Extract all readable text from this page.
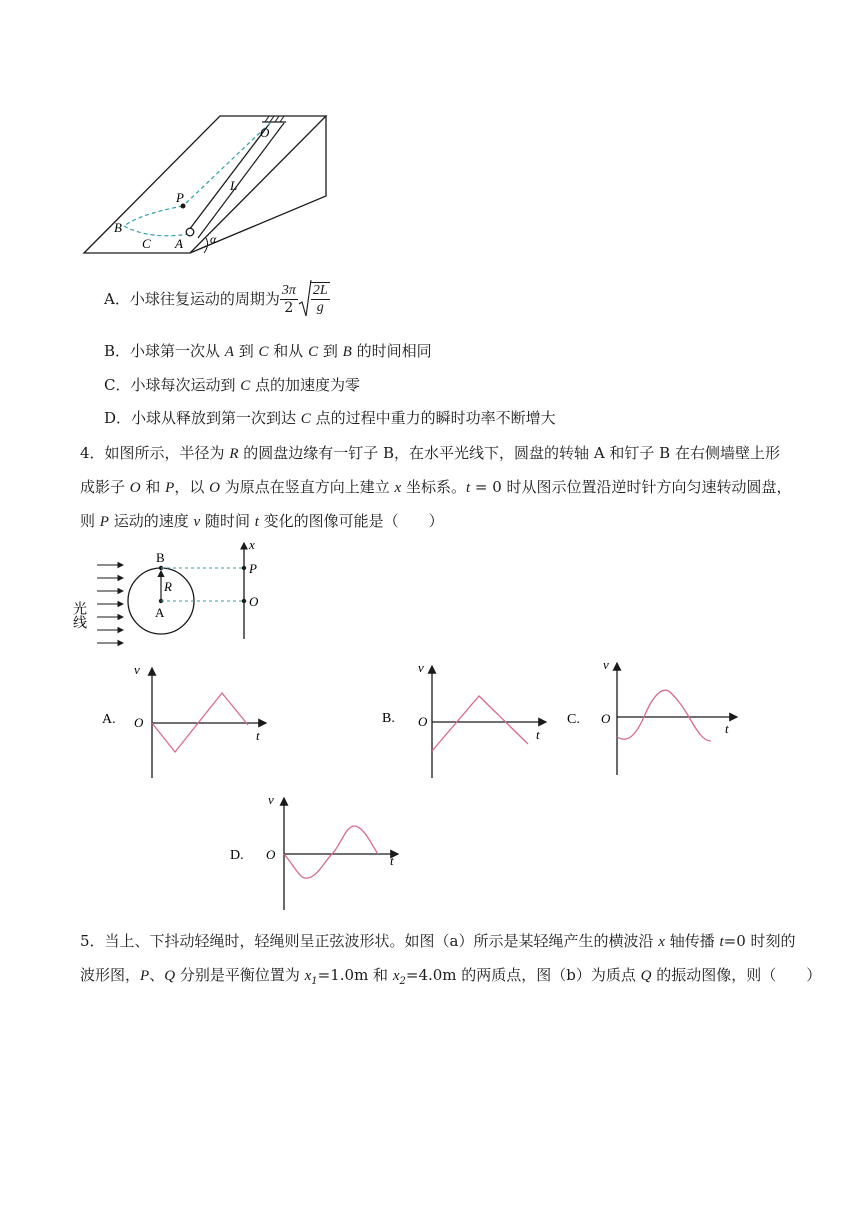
O
P
L
B
C A α
A．小球往复运动的周期为 $\frac{3\pi}{2} \frac{2L}{g}$
B．小球第一次从 A 到 C 和从 C 到 B 的时间相同
C．小球每次运动到 C 点的加速度为零
D．小球从释放到第一次到达 C 点的过程中重力的瞬时功率不断增大
4．如图所示，半径为 R 的圆盘边缘有一钉子 B，在水平光线下，圆盘的转轴 A 和钉子 B 在右侧墙壁上形
成影子 O 和 P，以 O 为原点在竖直方向上建立 x 坐标系。t = 0 时从图示位置沿逆时针方向匀速转动圆盘，
则 P 运动的速度 v 随时间 t 变化的图像可能是（　　）
光线
B
R
A
x
P
O
A.
v
O
t
B.
v
O
t
C.
v
O
t
D.
v
O	t
5．当上、下抖动轻绳时，轻绳则呈正弦波形状。如图（a）所示是某轻绳产生的横波沿 x 轴传播 t=0 时刻的
波形图，P、Q 分别是平衡位置为 $x_1=1.0m$ 和 $x_2=4.0m$ 的两质点，图（b）为质点 Q 的振动图像，则（　　）
